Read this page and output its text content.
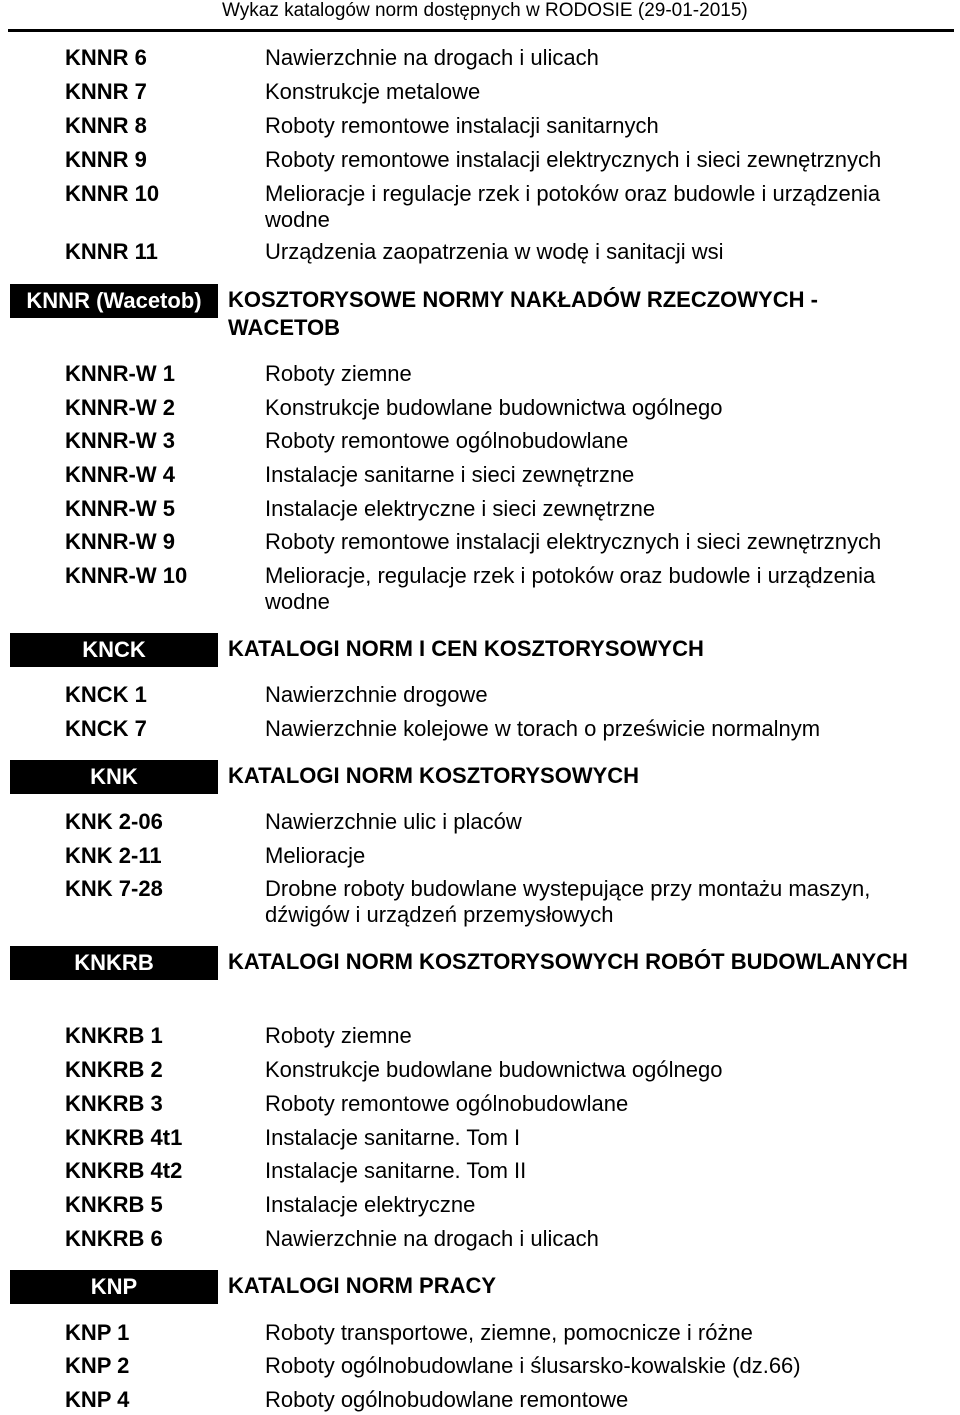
Wykaz katalogów norm dostępnych w RODOSIE (29-01-2015)
KNNR 6	Nawierzchnie na drogach i ulicach
KNNR 7	Konstrukcje metalowe
KNNR 8	Roboty remontowe instalacji sanitarnych
KNNR 9	Roboty remontowe instalacji elektrycznych i sieci zewnętrznych
KNNR 10	Melioracje i regulacje rzek i potoków oraz budowle i urządzenia wodne
KNNR 11	Urządzenia zaopatrzenia w wodę i sanitacji wsi
KNNR (Wacetob)	KOSZTORYSOWE NORMY NAKŁADÓW RZECZOWYCH - WACETOB
KNNR-W 1	Roboty ziemne
KNNR-W 2	Konstrukcje budowlane budownictwa ogólnego
KNNR-W 3	Roboty remontowe ogólnobudowlane
KNNR-W 4	Instalacje sanitarne i sieci zewnętrzne
KNNR-W 5	Instalacje elektryczne i sieci zewnętrzne
KNNR-W 9	Roboty remontowe instalacji elektrycznych i sieci zewnętrznych
KNNR-W 10	Melioracje, regulacje rzek i potoków oraz budowle i urządzenia wodne
KNCK	KATALOGI NORM I CEN KOSZTORYSOWYCH
KNCK 1	Nawierzchnie drogowe
KNCK 7	Nawierzchnie kolejowe w torach o prześwicie normalnym
KNK	KATALOGI NORM KOSZTORYSOWYCH
KNK 2-06	Nawierzchnie ulic i placów
KNK 2-11	Melioracje
KNK 7-28	Drobne roboty budowlane wystepujące przy montażu maszyn, dźwigów i urządzeń przemysłowych
KNKRB	KATALOGI NORM KOSZTORYSOWYCH ROBÓT BUDOWLANYCH
KNKRB 1	Roboty ziemne
KNKRB 2	Konstrukcje budowlane budownictwa ogólnego
KNKRB 3	Roboty remontowe ogólnobudowlane
KNKRB 4t1	Instalacje sanitarne. Tom I
KNKRB 4t2	Instalacje sanitarne. Tom II
KNKRB 5	Instalacje elektryczne
KNKRB 6	Nawierzchnie na drogach i ulicach
KNP	KATALOGI NORM PRACY
KNP 1	Roboty transportowe, ziemne, pomocnicze i różne
KNP 2	Roboty ogólnobudowlane i ślusarsko-kowalskie (dz.66)
KNP 4	Roboty ogólnobudowlane remontowe
